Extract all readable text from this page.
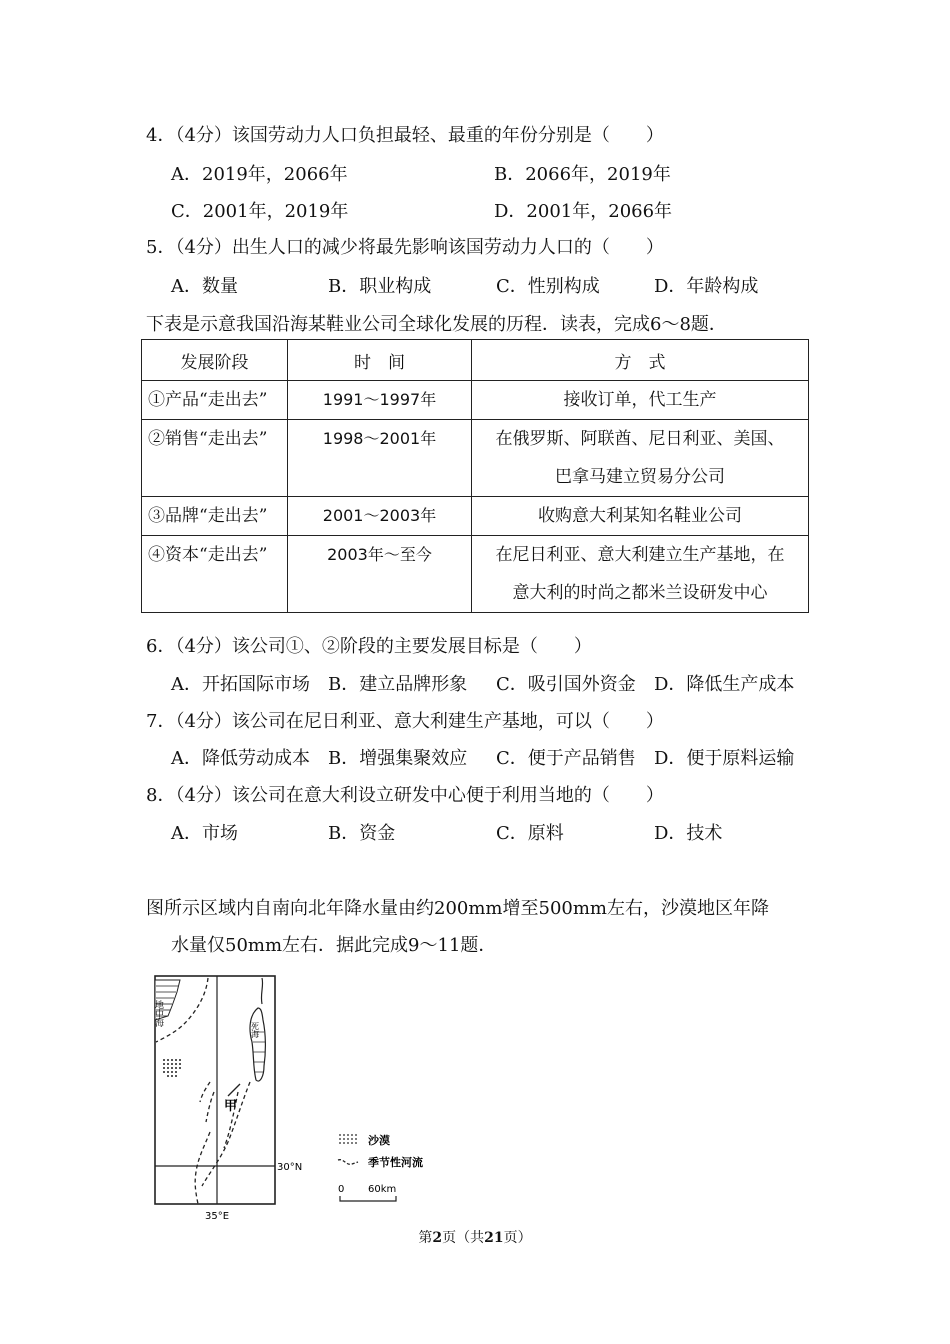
4．（4分）该国劳动力人口负担最轻、最重的年份分别是（　　）
A．2019年，2066年	B．2066年，2019年
C．2001年，2019年	D．2001年，2066年
5．（4分）出生人口的减少将最先影响该国劳动力人口的（　　）
A．数量	B．职业构成	C．性别构成	D．年龄构成
下表是示意我国沿海某鞋业公司全球化发展的历程．读表，完成6～8题．
发展阶段	时　间	方　式

①产品“走出去”	1991～1997年	接收订单，代工生产

②销售“走出去”	1998～2001年	在俄罗斯、阿联酋、尼日利亚、美国、
巴拿马建立贸易分公司

③品牌“走出去”	2001～2003年	收购意大利某知名鞋业公司

④资本“走出去”	2003年～至今	在尼日利亚、意大利建立生产基地，在
意大利的时尚之都米兰设研发中心
6．（4分）该公司①、②阶段的主要发展目标是（　　）
A．开拓国际市场 B．建立品牌形象 C．吸引国外资金 D．降低生产成本
7．（4分）该公司在尼日利亚、意大利建生产基地，可以（　　）
A．降低劳动成本 B．增强集聚效应 C．便于产品销售 D．便于原料运输
8．（4分）该公司在意大利设立研发中心便于利用当地的（　　）
A．市场	B．资金	C．原料	D．技术
图所示区域内自南向北年降水量由约200mm增至500mm左右，沙漠地区年降
水量仅50mm左右．据此完成9～11题．
地中海
死海
甲
30°N
35°E
沙漠
季节性河流
0 60km
第2页（共21页）
